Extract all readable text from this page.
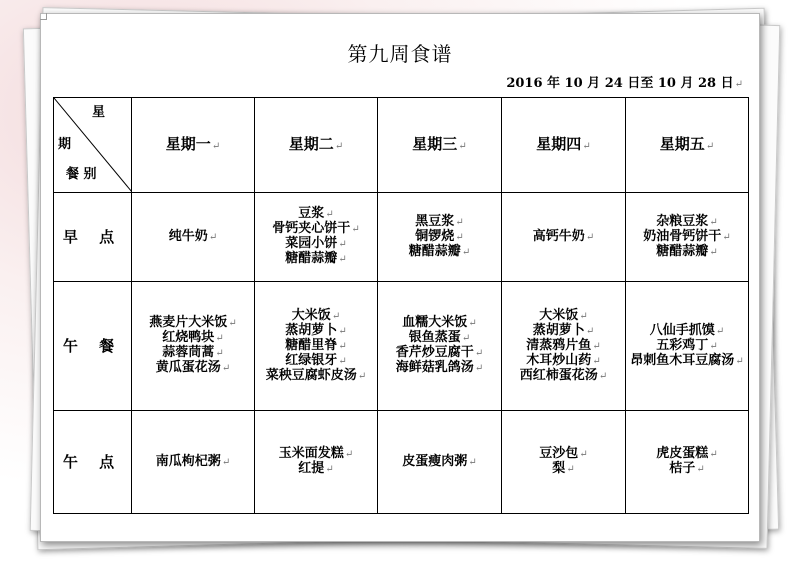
第九周食谱
2016 年 10 月 24 日至 10 月 28 日↵
星
期
餐 别	星期一↵	星期二↵	星期三↵	星期四↵	星期五↵
早 点	纯牛奶↵	豆浆↵
骨钙夹心饼干↵
菜园小饼↵
糖醋蒜瓣↵	黑豆浆↵
铜锣烧↵
糖醋蒜瓣↵	高钙牛奶↵	杂粮豆浆↵
奶油骨钙饼干↵
糖醋蒜瓣↵

午 餐	燕麦片大米饭↵
红烧鸭块↵
蒜蓉茼蒿↵
黄瓜蛋花汤↵	大米饭↵
蒸胡萝卜↵
糖醋里脊↵
红绿银牙↵
菜秧豆腐虾皮汤↵	血糯大米饭↵
银鱼蒸蛋↵
香芹炒豆腐干↵
海鲜菇乳鸽汤↵	大米饭↵
蒸胡萝卜↵
清蒸鸦片鱼↵
木耳炒山药↵
西红柿蛋花汤↵	八仙手抓馍↵
五彩鸡丁↵
昂刺鱼木耳豆腐汤↵

午 点	南瓜枸杞粥↵	玉米面发糕↵
红提↵	皮蛋瘦肉粥↵	豆沙包↵
梨↵	虎皮蛋糕↵
桔子↵
